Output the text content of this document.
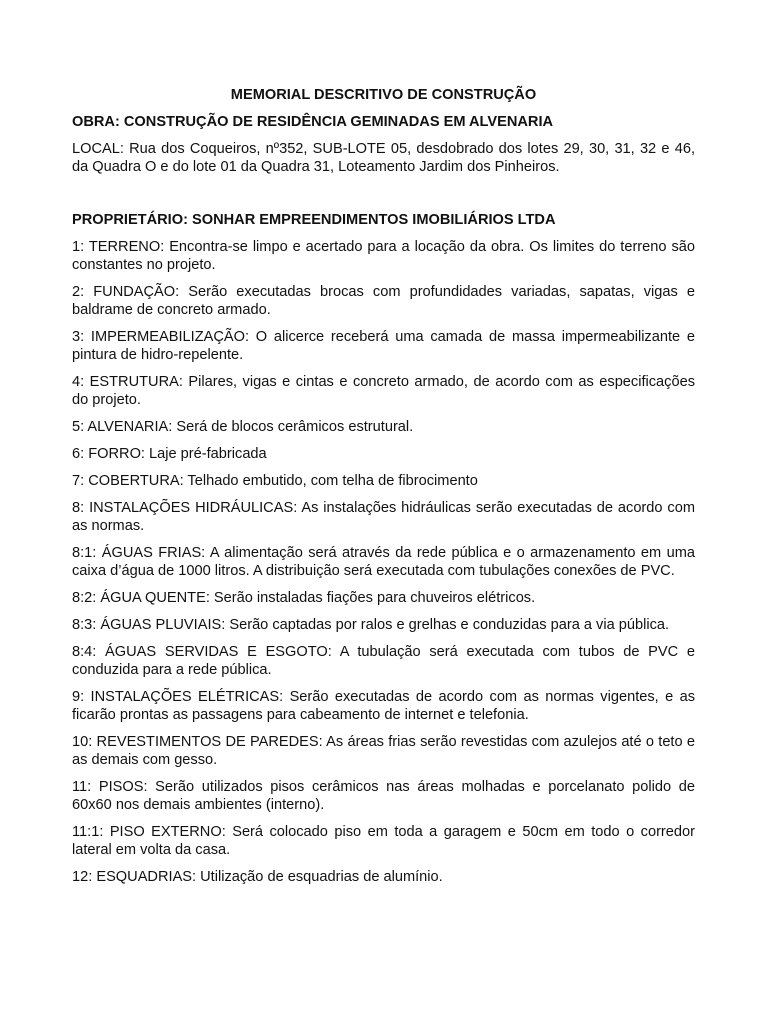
MEMORIAL DESCRITIVO DE CONSTRUÇÃO
OBRA: CONSTRUÇÃO DE RESIDÊNCIA GEMINADAS EM ALVENARIA
LOCAL: Rua dos Coqueiros, nº352, SUB-LOTE 05, desdobrado dos lotes 29, 30, 31, 32 e 46, da Quadra O e do lote 01 da Quadra 31, Loteamento Jardim dos Pinheiros.
PROPRIETÁRIO: SONHAR EMPREENDIMENTOS IMOBILIÁRIOS LTDA
1: TERRENO: Encontra-se limpo e acertado para a locação da obra. Os limites do terreno são constantes no projeto.
2: FUNDAÇÃO: Serão executadas brocas com profundidades variadas, sapatas, vigas e baldrame de concreto armado.
3: IMPERMEABILIZAÇÃO: O alicerce receberá uma camada de massa impermeabilizante e pintura de hidro-repelente.
4: ESTRUTURA: Pilares, vigas e cintas e concreto armado, de acordo com as especificações do projeto.
5: ALVENARIA: Será de blocos cerâmicos estrutural.
6: FORRO: Laje pré-fabricada
7: COBERTURA: Telhado embutido, com telha de fibrocimento
8: INSTALAÇÕES HIDRÁULICAS: As instalações hidráulicas serão executadas de acordo com as normas.
8:1: ÁGUAS FRIAS: A alimentação será através da rede pública e o armazenamento em uma caixa d’água de 1000 litros. A distribuição será executada com tubulações conexões de PVC.
8:2: ÁGUA QUENTE: Serão instaladas fiações para chuveiros elétricos.
8:3: ÁGUAS PLUVIAIS: Serão captadas por ralos e grelhas e conduzidas para a via pública.
8:4: ÁGUAS SERVIDAS E ESGOTO: A tubulação será executada com tubos de PVC e conduzida para a rede pública.
9: INSTALAÇÕES ELÉTRICAS: Serão executadas de acordo com as normas vigentes, e as ficarão prontas as passagens para cabeamento de internet e telefonia.
10: REVESTIMENTOS DE PAREDES: As áreas frias serão revestidas com azulejos até o teto e as demais com gesso.
11: PISOS: Serão utilizados pisos cerâmicos nas áreas molhadas e porcelanato polido de 60x60 nos demais ambientes (interno).
11:1: PISO EXTERNO: Será colocado piso em toda a garagem e 50cm em todo o corredor lateral em volta da casa.
12: ESQUADRIAS: Utilização de esquadrias de alumínio.
